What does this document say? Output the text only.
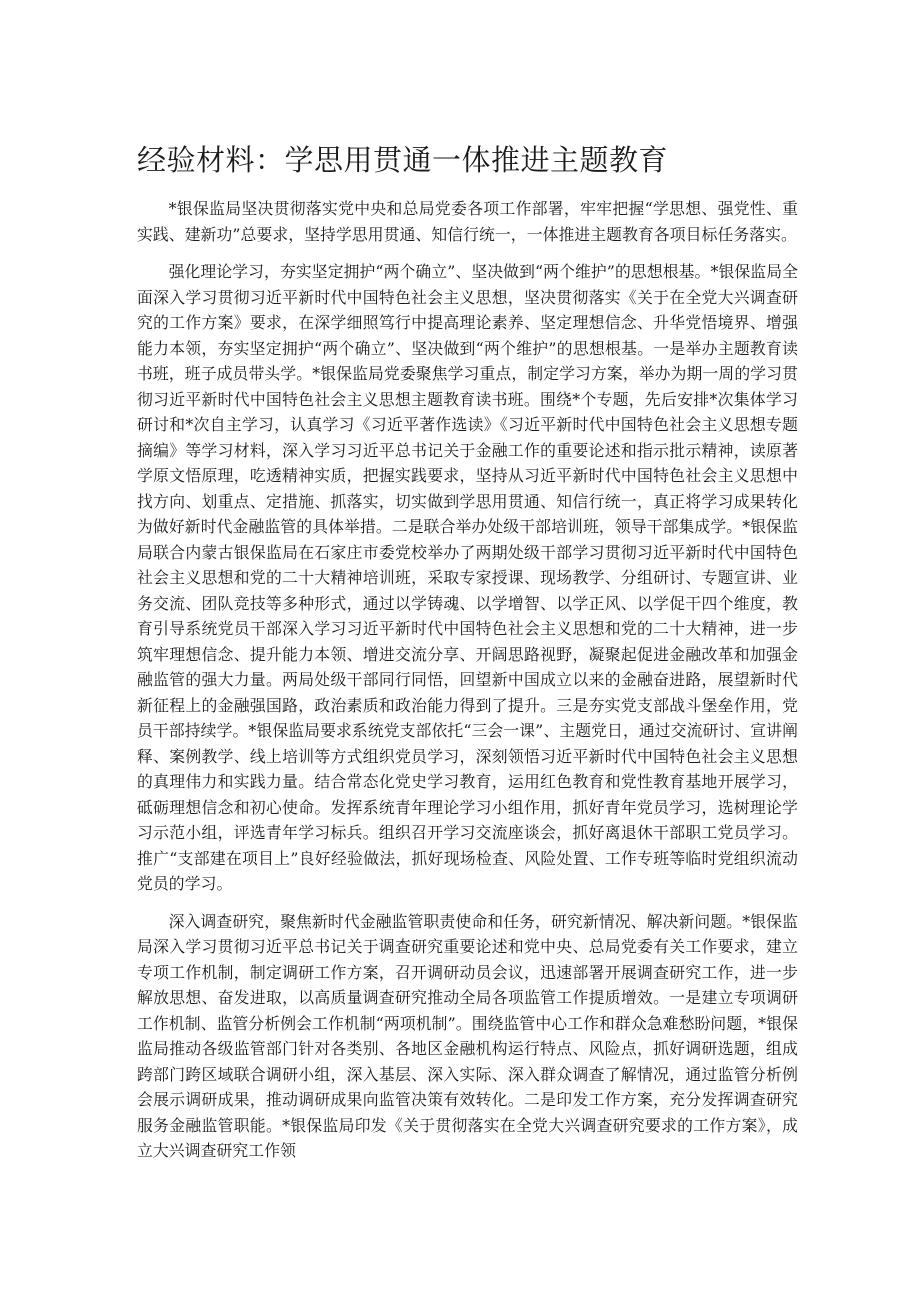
经验材料：学思用贯通一体推进主题教育

*银保监局坚决贯彻落实党中央和总局党委各项工作部署，牢牢把握“学思想、强党性、重实践、建新功”总要求，坚持学思用贯通、知信行统一，一体推进主题教育各项目标任务落实。

强化理论学习，夯实坚定拥护“两个确立”、坚决做到“两个维护”的思想根基。*银保监局全面深入学习贯彻习近平新时代中国特色社会主义思想，坚决贯彻落实《关于在全党大兴调查研究的工作方案》要求，在深学细照笃行中提高理论素养、坚定理想信念、升华党悟境界、增强能力本领，夯实坚定拥护“两个确立”、坚决做到“两个维护”的思想根基。一是举办主题教育读书班，班子成员带头学。*银保监局党委聚焦学习重点，制定学习方案，举办为期一周的学习贯彻习近平新时代中国特色社会主义思想主题教育读书班。围绕*个专题，先后安排*次集体学习研讨和*次自主学习，认真学习《习近平著作选读》《习近平新时代中国特色社会主义思想专题摘编》等学习材料，深入学习习近平总书记关于金融工作的重要论述和指示批示精神，读原著学原文悟原理，吃透精神实质，把握实践要求，坚持从习近平新时代中国特色社会主义思想中找方向、划重点、定措施、抓落实，切实做到学思用贯通、知信行统一，真正将学习成果转化为做好新时代金融监管的具体举措。二是联合举办处级干部培训班，领导干部集成学。*银保监局联合内蒙古银保监局在石家庄市委党校举办了两期处级干部学习贯彻习近平新时代中国特色社会主义思想和党的二十大精神培训班，采取专家授课、现场教学、分组研讨、专题宣讲、业务交流、团队竞技等多种形式，通过以学铸魂、以学增智、以学正风、以学促干四个维度，教育引导系统党员干部深入学习习近平新时代中国特色社会主义思想和党的二十大精神，进一步筑牢理想信念、提升能力本领、增进交流分享、开阔思路视野，凝聚起促进金融改革和加强金融监管的强大力量。两局处级干部同行同悟，回望新中国成立以来的金融奋进路，展望新时代新征程上的金融强国路，政治素质和政治能力得到了提升。三是夯实党支部战斗堡垒作用，党员干部持续学。*银保监局要求系统党支部依托“三会一课”、主题党日，通过交流研讨、宣讲阐释、案例教学、线上培训等方式组织党员学习，深刻领悟习近平新时代中国特色社会主义思想的真理伟力和实践力量。结合常态化党史学习教育，运用红色教育和党性教育基地开展学习，砥砺理想信念和初心使命。发挥系统青年理论学习小组作用，抓好青年党员学习，选树理论学习示范小组，评选青年学习标兵。组织召开学习交流座谈会，抓好离退休干部职工党员学习。推广“支部建在项目上”良好经验做法，抓好现场检查、风险处置、工作专班等临时党组织流动党员的学习。

深入调查研究，聚焦新时代金融监管职责使命和任务，研究新情况、解决新问题。*银保监局深入学习贯彻习近平总书记关于调查研究重要论述和党中央、总局党委有关工作要求，建立专项工作机制，制定调研工作方案，召开调研动员会议，迅速部署开展调查研究工作，进一步解放思想、奋发进取，以高质量调查研究推动全局各项监管工作提质增效。一是建立专项调研工作机制、监管分析例会工作机制“两项机制”。围绕监管中心工作和群众急难愁盼问题，*银保监局推动各级监管部门针对各类别、各地区金融机构运行特点、风险点，抓好调研选题，组成跨部门跨区域联合调研小组，深入基层、深入实际、深入群众调查了解情况，通过监管分析例会展示调研成果，推动调研成果向监管决策有效转化。二是印发工作方案，充分发挥调查研究服务金融监管职能。*银保监局印发《关于贯彻落实在全党大兴调查研究要求的工作方案》，成立大兴调查研究工作领
